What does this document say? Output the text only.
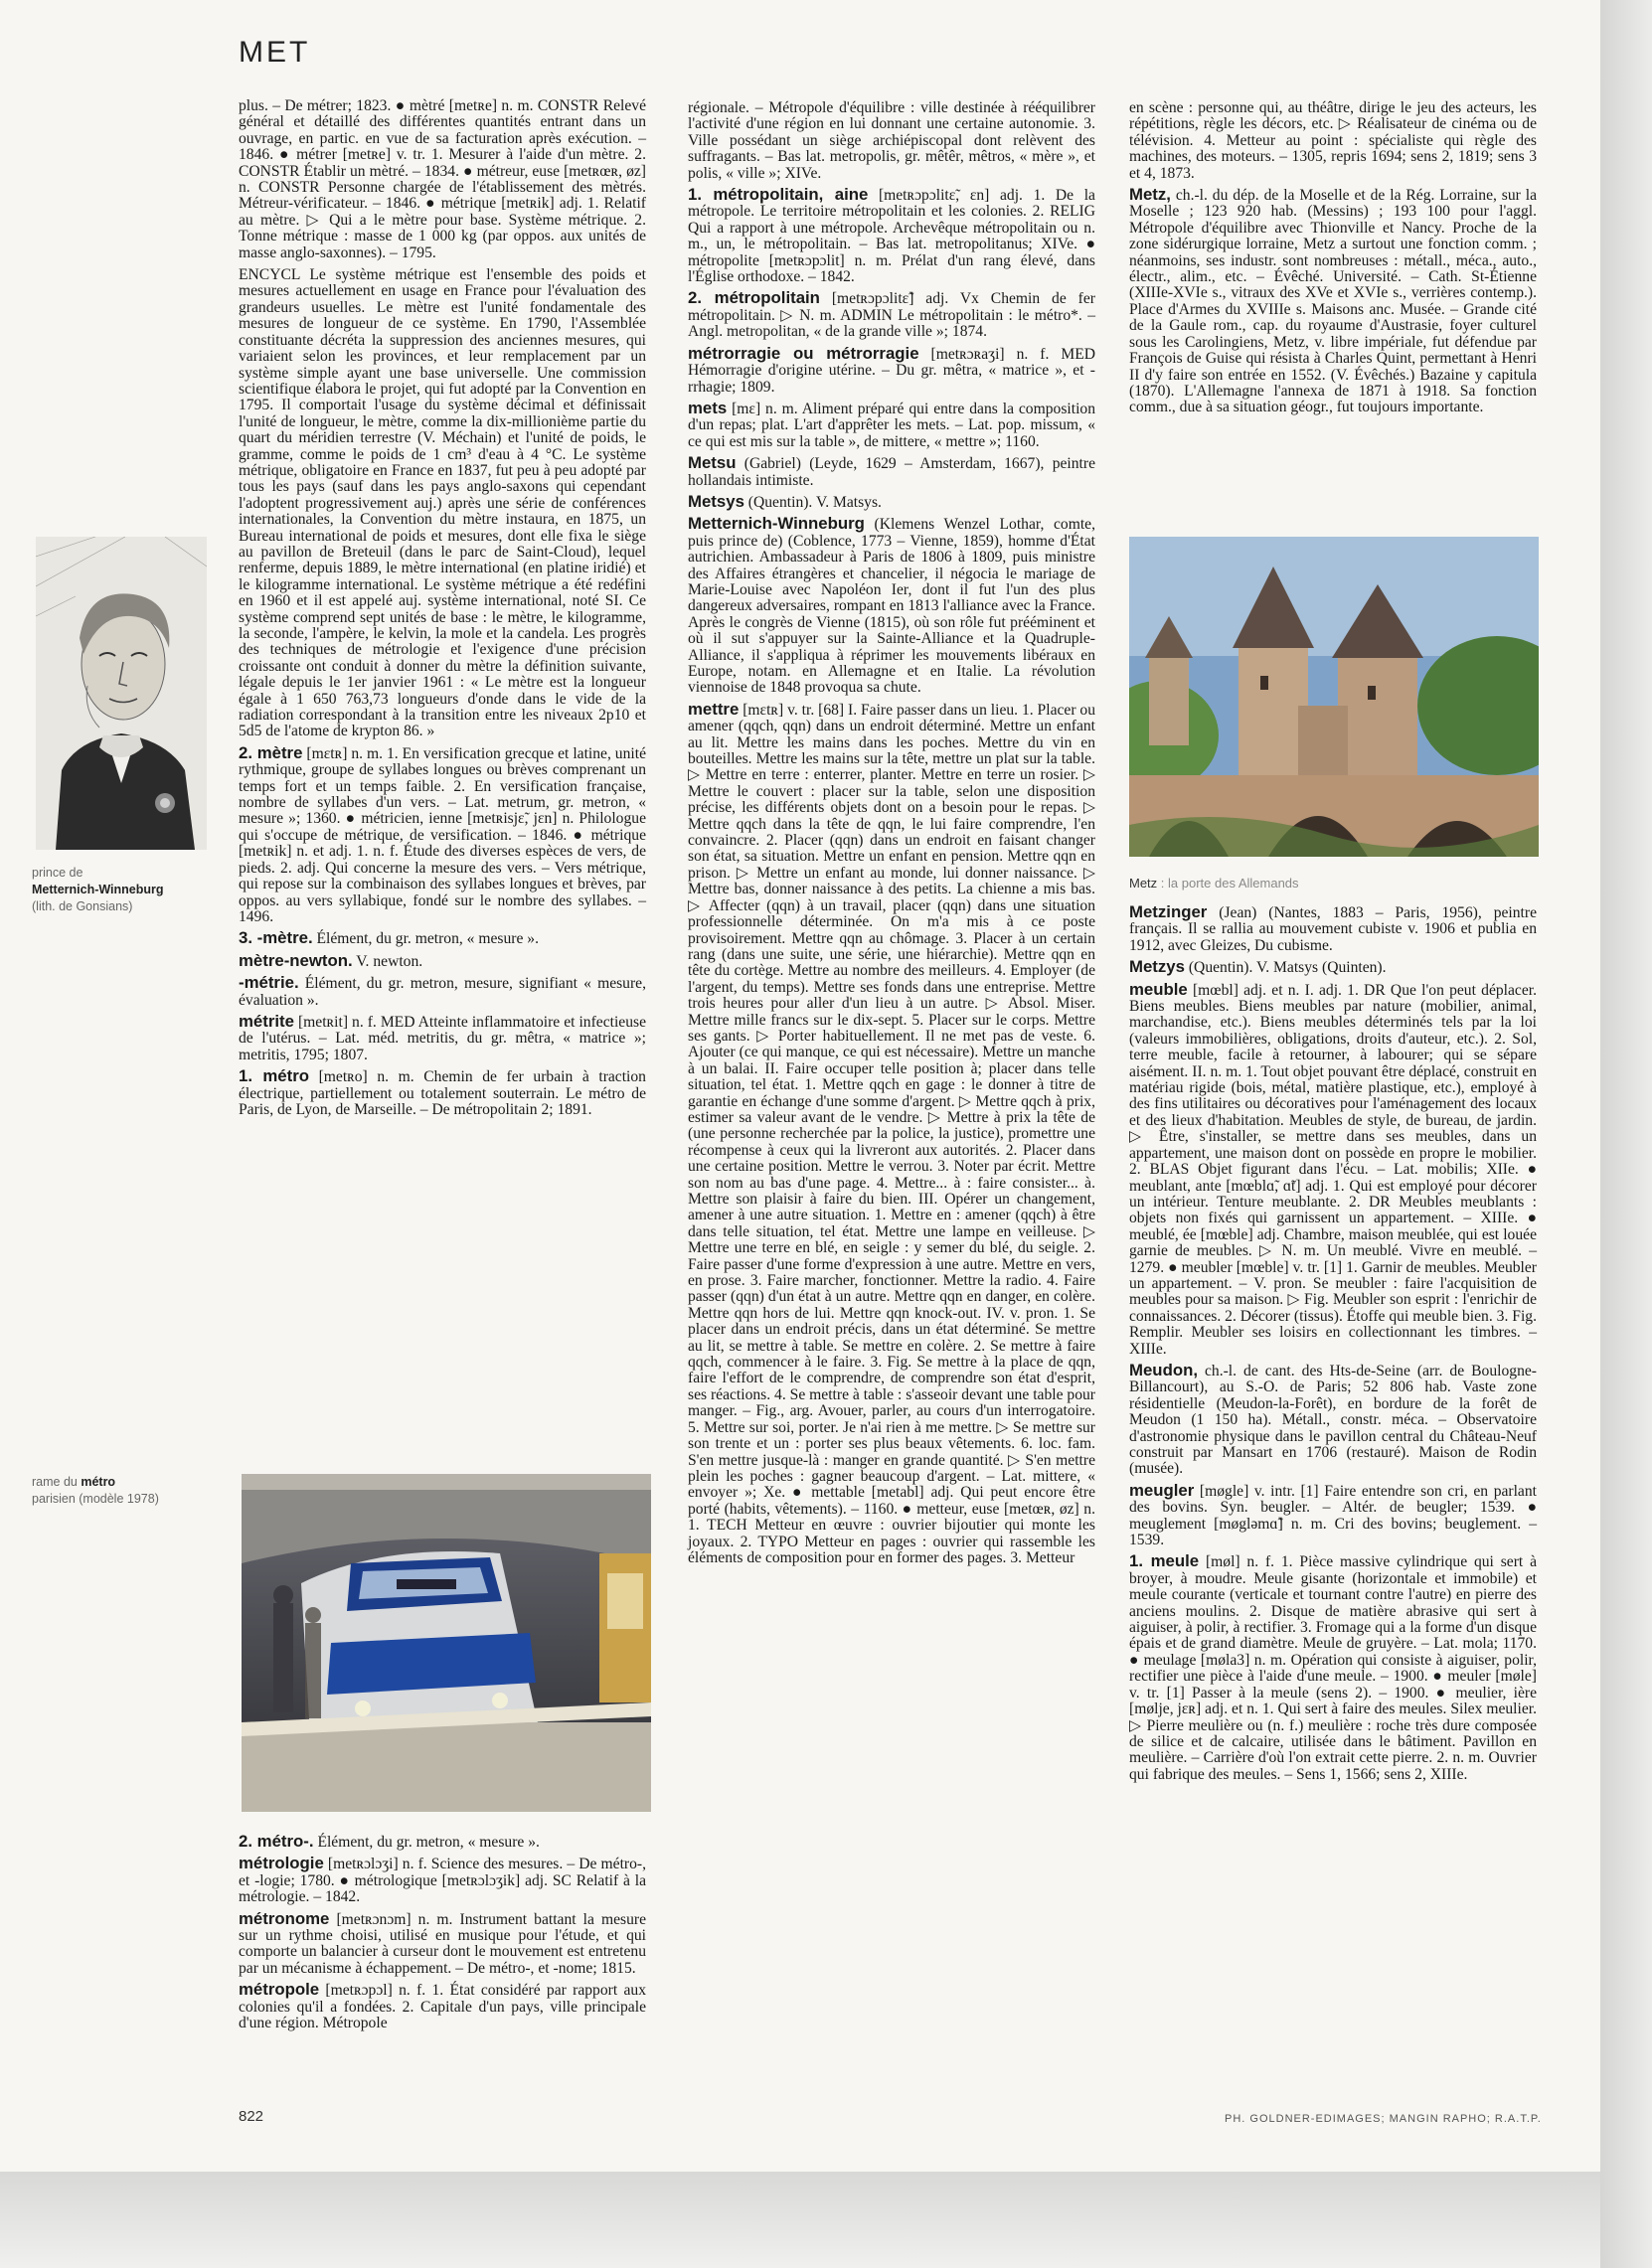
MET
prince de
Metternich-Winneburg
(lith. de Gonsians)
rame du métro
parisien (modèle 1978)

plus. – De métrer; 1823. ● mètré [metʀe] n. m. CONSTR Relevé général et détaillé des différentes quantités entrant dans un ouvrage, en partic. en vue de sa facturation après exécution. – 1846. ● métrer [metʀe] v. tr. 1. Mesurer à l'aide d'un mètre. 2. CONSTR Établir un mètré. – 1834. ● métreur, euse [metʀœʀ, øz] n. CONSTR Personne chargée de l'établissement des mètrés. Métreur-vérificateur. – 1846. ● métrique [metʀik] adj. 1. Relatif au mètre. ▷ Qui a le mètre pour base. Système métrique. 2. Tonne métrique : masse de 1 000 kg (par oppos. aux unités de masse anglo-saxonnes). – 1795.

ENCYCL Le système métrique est l'ensemble des poids et mesures actuellement en usage en France pour l'évaluation des grandeurs usuelles. Le mètre est l'unité fondamentale des mesures de longueur de ce système. En 1790, l'Assemblée constituante décréta la suppression des anciennes mesures, qui variaient selon les provinces, et leur remplacement par un système simple ayant une base universelle. Une commission scientifique élabora le projet, qui fut adopté par la Convention en 1795. Il comportait l'usage du système décimal et définissait l'unité de longueur, le mètre, comme la dix-millionième partie du quart du méridien terrestre (V. Méchain) et l'unité de poids, le gramme, comme le poids de 1 cm³ d'eau à 4 °C. Le système métrique, obligatoire en France en 1837, fut peu à peu adopté par tous les pays (sauf dans les pays anglo-saxons qui cependant l'adoptent progressivement auj.) après une série de conférences internationales, la Convention du mètre instaura, en 1875, un Bureau international de poids et mesures, dont elle fixa le siège au pavillon de Breteuil (dans le parc de Saint-Cloud), lequel renferme, depuis 1889, le mètre international (en platine iridié) et le kilogramme international. Le système métrique a été redéfini en 1960 et il est appelé auj. système international, noté SI. Ce système comprend sept unités de base : le mètre, le kilogramme, la seconde, l'ampère, le kelvin, la mole et la candela. Les progrès des techniques de métrologie et l'exigence d'une précision croissante ont conduit à donner du mètre la définition suivante, légale depuis le 1er janvier 1961 : « Le mètre est la longueur égale à 1 650 763,73 longueurs d'onde dans le vide de la radiation correspondant à la transition entre les niveaux 2p10 et 5d5 de l'atome de krypton 86. »

2. mètre [mɛtʀ] n. m. 1. En versification grecque et latine, unité rythmique, groupe de syllabes longues ou brèves comprenant un temps fort et un temps faible. 2. En versification française, nombre de syllabes d'un vers. – Lat. metrum, gr. metron, « mesure »; 1360. ● métricien, ienne [metʀisjɛ̃, jɛn] n. Philologue qui s'occupe de métrique, de versification. – 1846. ● métrique [metʀik] n. et adj. 1. n. f. Étude des diverses espèces de vers, de pieds. 2. adj. Qui concerne la mesure des vers. – Vers métrique, qui repose sur la combinaison des syllabes longues et brèves, par oppos. au vers syllabique, fondé sur le nombre des syllabes. – 1496.

3. -mètre. Élément, du gr. metron, « mesure ».

mètre-newton. V. newton.

-métrie. Élément, du gr. metron, mesure, signifiant « mesure, évaluation ».

métrite [metʀit] n. f. MED Atteinte inflammatoire et infectieuse de l'utérus. – Lat. méd. metritis, du gr. mêtra, « matrice »; metritis, 1795; 1807.

1. métro [metʀo] n. m. Chemin de fer urbain à traction électrique, partiellement ou totalement souterrain. Le métro de Paris, de Lyon, de Marseille. – De métropolitain 2; 1891.

2. métro-. Élément, du gr. metron, « mesure ».

métrologie [metʀɔlɔʒi] n. f. Science des mesures. – De métro-, et -logie; 1780. ● métrologique [metʀɔlɔʒik] adj. SC Relatif à la métrologie. – 1842.

métronome [metʀɔnɔm] n. m. Instrument battant la mesure sur un rythme choisi, utilisé en musique pour l'étude, et qui comporte un balancier à curseur dont le mouvement est entretenu par un mécanisme à échappement. – De métro-, et -nome; 1815.

métropole [metʀɔpɔl] n. f. 1. État considéré par rapport aux colonies qu'il a fondées. 2. Capitale d'un pays, ville principale d'une région. Métropole

régionale. – Métropole d'équilibre : ville destinée à rééquilibrer l'activité d'une région en lui donnant une certaine autonomie. 3. Ville possédant un siège archiépiscopal dont relèvent des suffragants. – Bas lat. metropolis, gr. mêtêr, mêtros, « mère », et polis, « ville »; XIVe.

1. métropolitain, aine [metʀɔpɔlitɛ̃, ɛn] adj. 1. De la métropole. Le territoire métropolitain et les colonies. 2. RELIG Qui a rapport à une métropole. Archevêque métropolitain ou n. m., un, le métropolitain. – Bas lat. metropolitanus; XIVe. ● métropolite [metʀɔpɔlit] n. m. Prélat d'un rang élevé, dans l'Église orthodoxe. – 1842.

2. métropolitain [metʀɔpɔlitɛ̃] adj. Vx Chemin de fer métropolitain. ▷ N. m. ADMIN Le métropolitain : le métro*. – Angl. metropolitan, « de la grande ville »; 1874.

métrorragie ou métrorragie [metʀɔʀaʒi] n. f. MED Hémorragie d'origine utérine. – Du gr. mêtra, « matrice », et -rrhagie; 1809.

mets [mɛ] n. m. Aliment préparé qui entre dans la composition d'un repas; plat. L'art d'apprêter les mets. – Lat. pop. missum, « ce qui est mis sur la table », de mittere, « mettre »; 1160.

Metsu (Gabriel) (Leyde, 1629 – Amsterdam, 1667), peintre hollandais intimiste.

Metsys (Quentin). V. Matsys.

Metternich-Winneburg (Klemens Wenzel Lothar, comte, puis prince de) (Coblence, 1773 – Vienne, 1859), homme d'État autrichien. Ambassadeur à Paris de 1806 à 1809, puis ministre des Affaires étrangères et chancelier, il négocia le mariage de Marie-Louise avec Napoléon Ier, dont il fut l'un des plus dangereux adversaires, rompant en 1813 l'alliance avec la France. Après le congrès de Vienne (1815), où son rôle fut prééminent et où il sut s'appuyer sur la Sainte-Alliance et la Quadruple-Alliance, il s'appliqua à réprimer les mouvements libéraux en Europe, notam. en Allemagne et en Italie. La révolution viennoise de 1848 provoqua sa chute.

mettre [mɛtʀ] v. tr. [68] I. Faire passer dans un lieu. 1. Placer ou amener (qqch, qqn) dans un endroit déterminé. Mettre un enfant au lit. Mettre les mains dans les poches. Mettre du vin en bouteilles. Mettre les mains sur la tête, mettre un plat sur la table. ▷ Mettre en terre : enterrer, planter. Mettre en terre un rosier. ▷ Mettre le couvert : placer sur la table, selon une disposition précise, les différents objets dont on a besoin pour le repas. ▷ Mettre qqch dans la tête de qqn, le lui faire comprendre, l'en convaincre. 2. Placer (qqn) dans un endroit en faisant changer son état, sa situation. Mettre un enfant en pension. Mettre qqn en prison. ▷ Mettre un enfant au monde, lui donner naissance. ▷ Mettre bas, donner naissance à des petits. La chienne a mis bas. ▷ Affecter (qqn) à un travail, placer (qqn) dans une situation professionnelle déterminée. On m'a mis à ce poste provisoirement. Mettre qqn au chômage. 3. Placer à un certain rang (dans une suite, une série, une hiérarchie). Mettre qqn en tête du cortège. Mettre au nombre des meilleurs. 4. Employer (de l'argent, du temps). Mettre ses fonds dans une entreprise. Mettre trois heures pour aller d'un lieu à un autre. ▷ Absol. Miser. Mettre mille francs sur le dix-sept. 5. Placer sur le corps. Mettre ses gants. ▷ Porter habituellement. Il ne met pas de veste. 6. Ajouter (ce qui manque, ce qui est nécessaire). Mettre un manche à un balai. II. Faire occuper telle position à; placer dans telle situation, tel état. 1. Mettre qqch en gage : le donner à titre de garantie en échange d'une somme d'argent. ▷ Mettre qqch à prix, estimer sa valeur avant de le vendre. ▷ Mettre à prix la tête de (une personne recherchée par la police, la justice), promettre une récompense à ceux qui la livreront aux autorités. 2. Placer dans une certaine position. Mettre le verrou. 3. Noter par écrit. Mettre son nom au bas d'une page. 4. Mettre... à : faire consister... à. Mettre son plaisir à faire du bien. III. Opérer un changement, amener à une autre situation. 1. Mettre en : amener (qqch) à être dans telle situation, tel état. Mettre une lampe en veilleuse. ▷ Mettre une terre en blé, en seigle : y semer du blé, du seigle. 2. Faire passer d'une forme d'expression à une autre. Mettre en vers, en prose. 3. Faire marcher, fonctionner. Mettre la radio. 4. Faire passer (qqn) d'un état à un autre. Mettre qqn en danger, en colère. Mettre qqn hors de lui. Mettre qqn knock-out. IV. v. pron. 1. Se placer dans un endroit précis, dans un état déterminé. Se mettre au lit, se mettre à table. Se mettre en colère. 2. Se mettre à faire qqch, commencer à le faire. 3. Fig. Se mettre à la place de qqn, faire l'effort de le comprendre, de comprendre son état d'esprit, ses réactions. 4. Se mettre à table : s'asseoir devant une table pour manger. – Fig., arg. Avouer, parler, au cours d'un interrogatoire. 5. Mettre sur soi, porter. Je n'ai rien à me mettre. ▷ Se mettre sur son trente et un : porter ses plus beaux vêtements. 6. loc. fam. S'en mettre jusque-là : manger en grande quantité. ▷ S'en mettre plein les poches : gagner beaucoup d'argent. – Lat. mittere, « envoyer »; Xe. ● mettable [metabl] adj. Qui peut encore être porté (habits, vêtements). – 1160. ● metteur, euse [metœʀ, øz] n. 1. TECH Metteur en œuvre : ouvrier bijoutier qui monte les joyaux. 2. TYPO Metteur en pages : ouvrier qui rassemble les éléments de composition pour en former des pages. 3. Metteur

en scène : personne qui, au théâtre, dirige le jeu des acteurs, les répétitions, règle les décors, etc. ▷ Réalisateur de cinéma ou de télévision. 4. Metteur au point : spécialiste qui règle des machines, des moteurs. – 1305, repris 1694; sens 2, 1819; sens 3 et 4, 1873.

Metz, ch.-l. du dép. de la Moselle et de la Rég. Lorraine, sur la Moselle ; 123 920 hab. (Messins) ; 193 100 pour l'aggl. Métropole d'équilibre avec Thionville et Nancy. Proche de la zone sidérurgique lorraine, Metz a surtout une fonction comm. ; néanmoins, ses industr. sont nombreuses : métall., méca., auto., électr., alim., etc. – Évêché. Université. – Cath. St-Étienne (XIIIe-XVIe s., vitraux des XVe et XVIe s., verrières contemp.). Place d'Armes du XVIIIe s. Maisons anc. Musée. – Grande cité de la Gaule rom., cap. du royaume d'Austrasie, foyer culturel sous les Carolingiens, Metz, v. libre impériale, fut défendue par François de Guise qui résista à Charles Quint, permettant à Henri II d'y faire son entrée en 1552. (V. Évêchés.) Bazaine y capitula (1870). L'Allemagne l'annexa de 1871 à 1918. Sa fonction comm., due à sa situation géogr., fut toujours importante.

Metz : la porte des Allemands

Metzinger (Jean) (Nantes, 1883 – Paris, 1956), peintre français. Il se rallia au mouvement cubiste v. 1906 et publia en 1912, avec Gleizes, Du cubisme.

Metzys (Quentin). V. Matsys (Quinten).

meuble [mœbl] adj. et n. I. adj. 1. DR Que l'on peut déplacer. Biens meubles. Biens meubles par nature (mobilier, animal, marchandise, etc.). Biens meubles déterminés tels par la loi (valeurs immobilières, obligations, droits d'auteur, etc.). 2. Sol, terre meuble, facile à retourner, à labourer; qui se sépare aisément. II. n. m. 1. Tout objet pouvant être déplacé, construit en matériau rigide (bois, métal, matière plastique, etc.), employé à des fins utilitaires ou décoratives pour l'aménagement des locaux et des lieux d'habitation. Meubles de style, de bureau, de jardin. ▷ Être, s'installer, se mettre dans ses meubles, dans un appartement, une maison dont on possède en propre le mobilier. 2. BLAS Objet figurant dans l'écu. – Lat. mobilis; XIIe. ● meublant, ante [mœblɑ̃, ɑ̃t] adj. 1. Qui est employé pour décorer un intérieur. Tenture meublante. 2. DR Meubles meublants : objets non fixés qui garnissent un appartement. – XIIIe. ● meublé, ée [mœble] adj. Chambre, maison meublée, qui est louée garnie de meubles. ▷ N. m. Un meublé. Vivre en meublé. – 1279. ● meubler [mœble] v. tr. [1] 1. Garnir de meubles. Meubler un appartement. – V. pron. Se meubler : faire l'acquisition de meubles pour sa maison. ▷ Fig. Meubler son esprit : l'enrichir de connaissances. 2. Décorer (tissus). Étoffe qui meuble bien. 3. Fig. Remplir. Meubler ses loisirs en collectionnant les timbres. – XIIIe.

Meudon, ch.-l. de cant. des Hts-de-Seine (arr. de Boulogne-Billancourt), au S.-O. de Paris; 52 806 hab. Vaste zone résidentielle (Meudon-la-Forêt), en bordure de la forêt de Meudon (1 150 ha). Métall., constr. méca. – Observatoire d'astronomie physique dans le pavillon central du Château-Neuf construit par Mansart en 1706 (restauré). Maison de Rodin (musée).

meugler [møgle] v. intr. [1] Faire entendre son cri, en parlant des bovins. Syn. beugler. – Altér. de beugler; 1539. ● meuglement [møgləmɑ̃] n. m. Cri des bovins; beuglement. – 1539.

1. meule [møl] n. f. 1. Pièce massive cylindrique qui sert à broyer, à moudre. Meule gisante (horizontale et immobile) et meule courante (verticale et tournant contre l'autre) en pierre des anciens moulins. 2. Disque de matière abrasive qui sert à aiguiser, à polir, à rectifier. 3. Fromage qui a la forme d'un disque épais et de grand diamètre. Meule de gruyère. – Lat. mola; 1170. ● meulage [møla3] n. m. Opération qui consiste à aiguiser, polir, rectifier une pièce à l'aide d'une meule. – 1900. ● meuler [møle] v. tr. [1] Passer à la meule (sens 2). – 1900. ● meulier, ière [mølje, jɛʀ] adj. et n. 1. Qui sert à faire des meules. Silex meulier. ▷ Pierre meulière ou (n. f.) meulière : roche très dure composée de silice et de calcaire, utilisée dans le bâtiment. Pavillon en meulière. – Carrière d'où l'on extrait cette pierre. 2. n. m. Ouvrier qui fabrique des meules. – Sens 1, 1566; sens 2, XIIIe.

822	PH. GOLDNER-EDIMAGES; MANGIN RAPHO; R.A.T.P.
